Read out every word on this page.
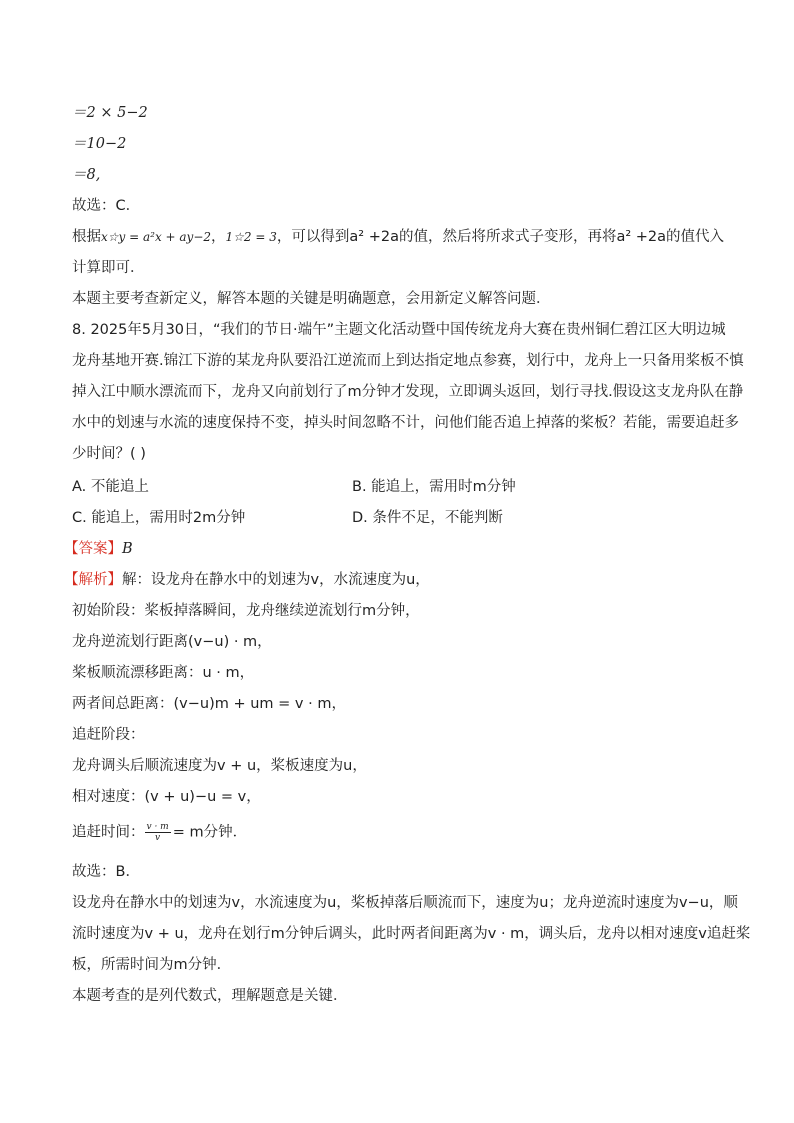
＝2 × 5−2
＝10−2
＝8,
故选：C．
根据x☆y = a²x + ay−2，1☆2 = 3，可以得到a² +2a的值，然后将所求式子变形，再将a² +2a的值代入
计算即可．
本题主要考查新定义，解答本题的关键是明确题意，会用新定义解答问题．
8. 2025年5月30日，“我们的节日·端午”主题文化活动暨中国传统龙舟大赛在贵州铜仁碧江区大明边城
龙舟基地开赛.锦江下游的某龙舟队要沿江逆流而上到达指定地点参赛，划行中，龙舟上一只备用桨板不慎
掉入江中顺水漂流而下，龙舟又向前划行了m分钟才发现，立即调头返回，划行寻找.假设这支龙舟队在静
水中的划速与水流的速度保持不变，掉头时间忽略不计，问他们能否追上掉落的桨板？若能，需要追赶多
少时间？( )
A. 不能追上	B. 能追上，需用时m分钟
C. 能追上，需用时2m分钟	D. 条件不足，不能判断
【答案】B
【解析】解：设龙舟在静水中的划速为v，水流速度为u，
初始阶段：桨板掉落瞬间，龙舟继续逆流划行m分钟，
龙舟逆流划行距离(v−u) · m，
桨板顺流漂移距离：u · m，
两者间总距离：(v−u)m + um = v · m，
追赶阶段：
龙舟调头后顺流速度为v + u，桨板速度为u，
相对速度：(v + u)−u = v，
追赶时间： $\frac{v \cdot m}{v} = m$分钟．
故选：B．
设龙舟在静水中的划速为v，水流速度为u，桨板掉落后顺流而下，速度为u；龙舟逆流时速度为v−u，顺
流时速度为v + u，龙舟在划行m分钟后调头，此时两者间距离为v · m，调头后，龙舟以相对速度v追赶桨
板，所需时间为m分钟．
本题考查的是列代数式，理解题意是关键．
